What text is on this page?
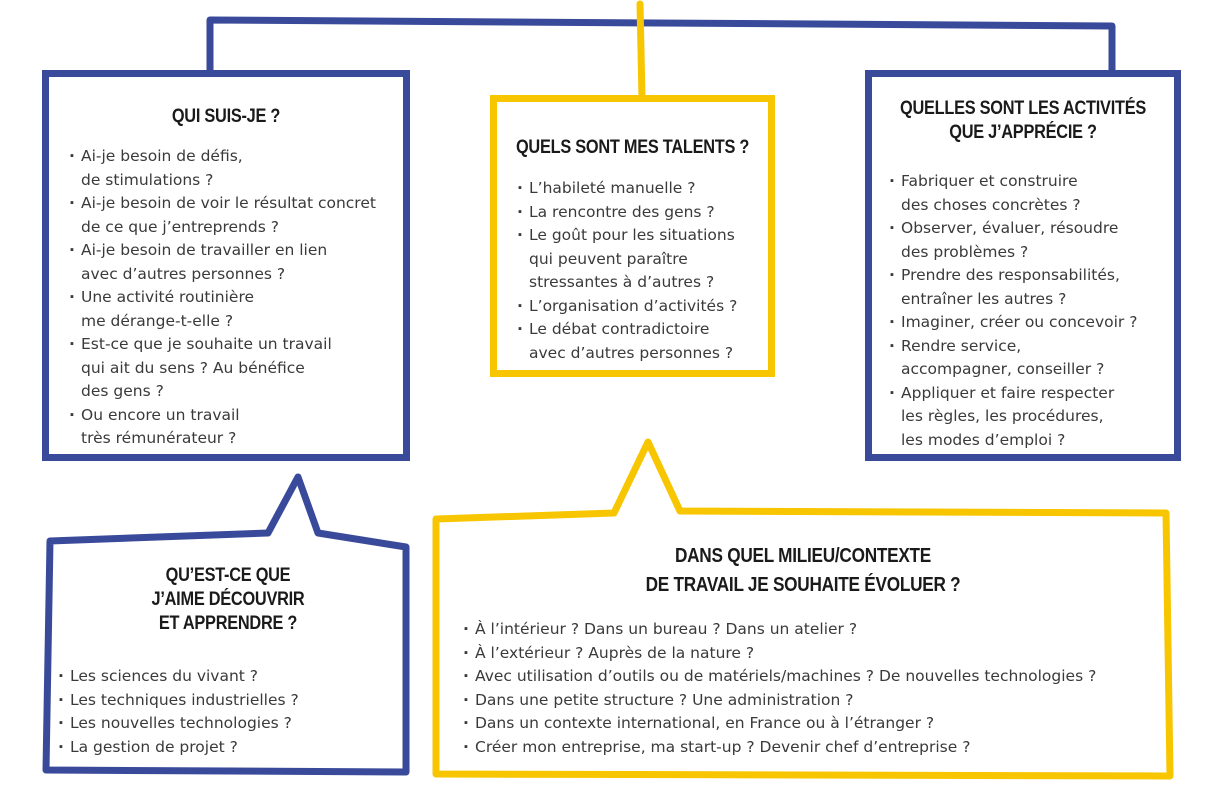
QUI SUIS-JE ?
· Ai-je besoin de défis,
de stimulations ?
· Ai-je besoin de voir le résultat concret
de ce que j’entreprends ?
· Ai-je besoin de travailler en lien
avec d’autres personnes ?
· Une activité routinière
me dérange-t-elle ?
· Est-ce que je souhaite un travail
qui ait du sens ? Au bénéfice
des gens ?
· Ou encore un travail
très rémunérateur ?
QUELS SONT MES TALENTS ?
· L’habileté manuelle ?
· La rencontre des gens ?
· Le goût pour les situations
qui peuvent paraître
stressantes à d’autres ?
· L’organisation d’activités ?
· Le débat contradictoire
avec d’autres personnes ?
QUELLES SONT LES ACTIVITÉS
QUE J’APPRÉCIE ?
· Fabriquer et construire
des choses concrètes ?
· Observer, évaluer, résoudre
des problèmes ?
· Prendre des responsabilités,
entraîner les autres ?
· Imaginer, créer ou concevoir ?
· Rendre service,
accompagner, conseiller ?
· Appliquer et faire respecter
les règles, les procédures,
les modes d’emploi ?
QU’EST-CE QUE
J’AIME DÉCOUVRIR
ET APPRENDRE ?
· Les sciences du vivant ?
· Les techniques industrielles ?
· Les nouvelles technologies ?
· La gestion de projet ?
DANS QUEL MILIEU/CONTEXTE
DE TRAVAIL JE SOUHAITE ÉVOLUER ?
· À l’intérieur ? Dans un bureau ? Dans un atelier ?
· À l’extérieur ? Auprès de la nature ?
· Avec utilisation d’outils ou de matériels/machines ? De nouvelles technologies ?
· Dans une petite structure ? Une administration ?
· Dans un contexte international, en France ou à l’étranger ?
· Créer mon entreprise, ma start-up ? Devenir chef d’entreprise ?
